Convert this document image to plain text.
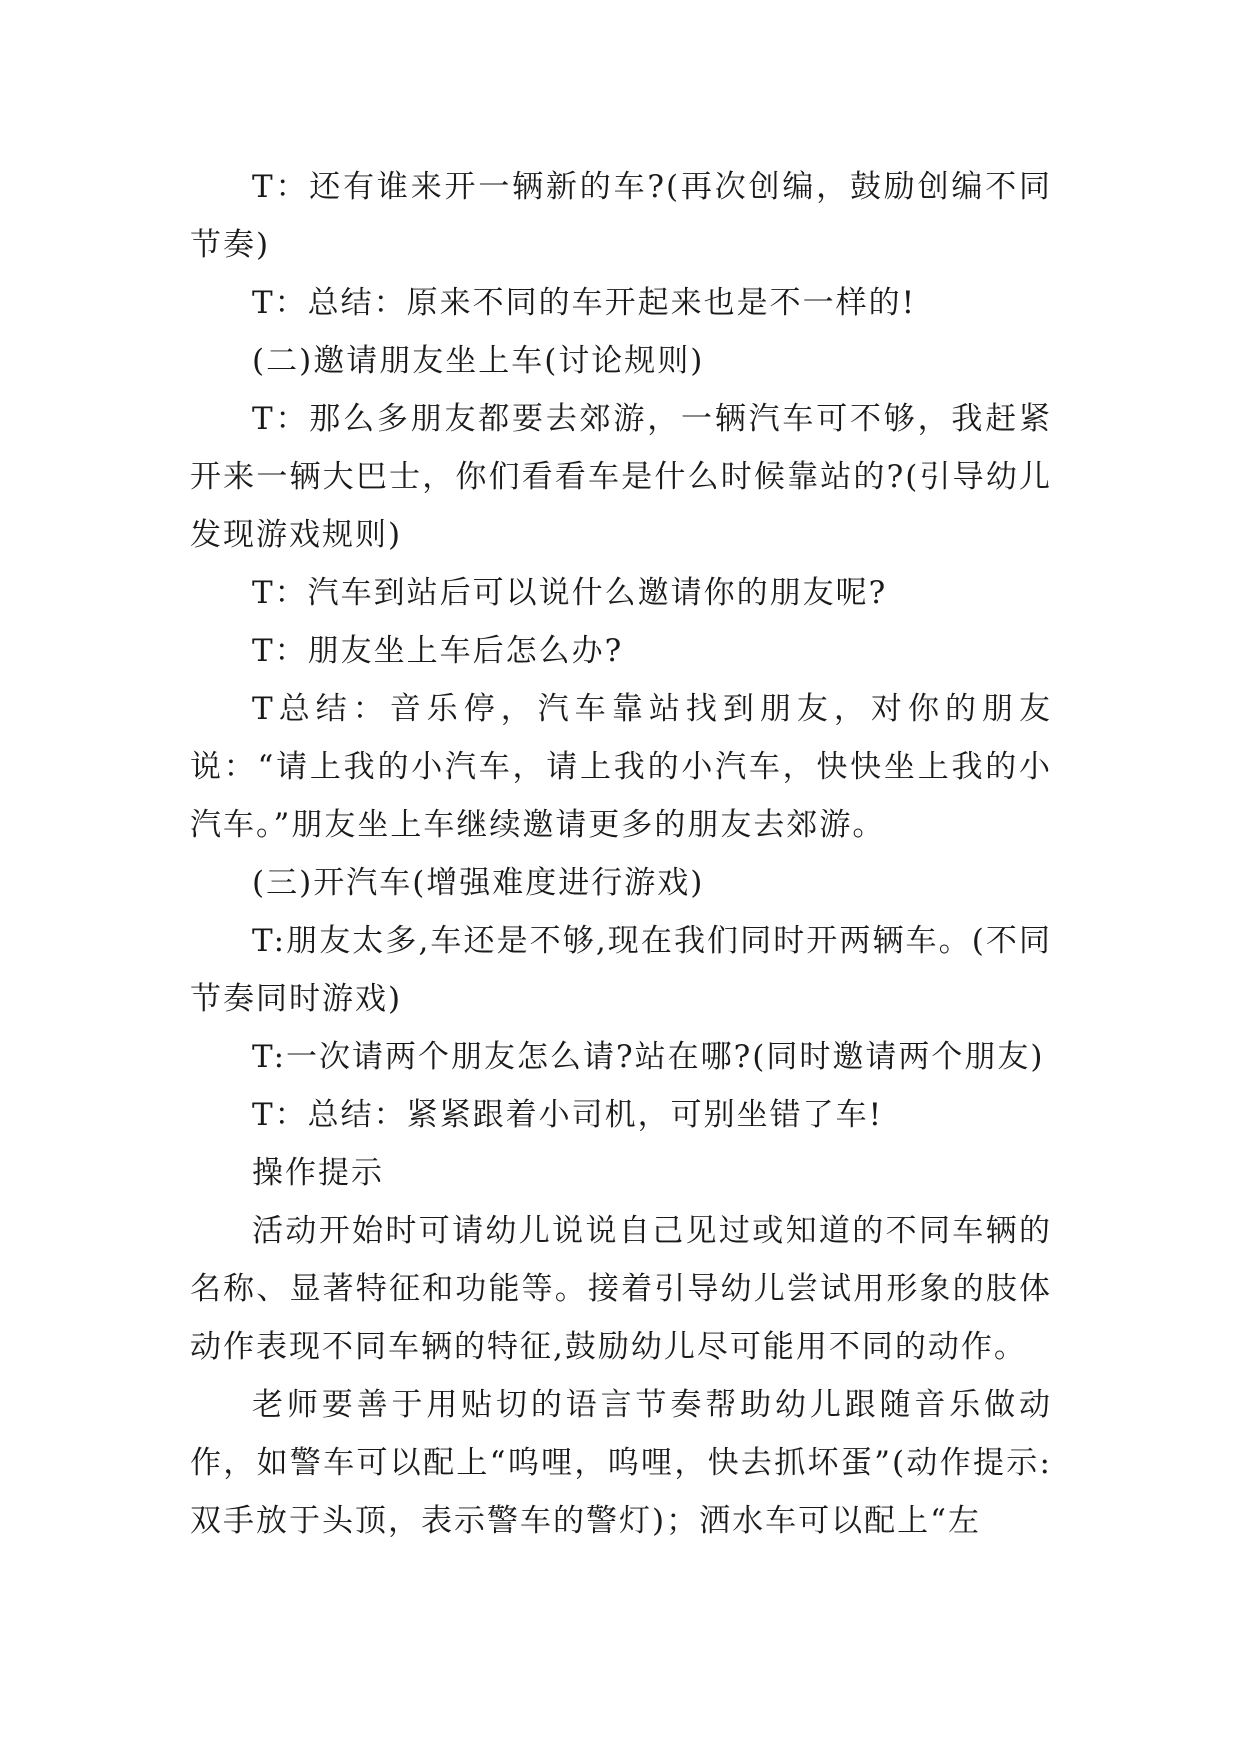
T：还有谁来开一辆新的车?(再次创编，鼓励创编不同节奏)

T：总结：原来不同的车开起来也是不一样的!

(二)邀请朋友坐上车(讨论规则)

T：那么多朋友都要去郊游，一辆汽车可不够，我赶紧开来一辆大巴士，你们看看车是什么时候靠站的?(引导幼儿发现游戏规则)

T：汽车到站后可以说什么邀请你的朋友呢?

T：朋友坐上车后怎么办?

T总结：音乐停，汽车靠站找到朋友，对你的朋友说：“请上我的小汽车，请上我的小汽车，快快坐上我的小汽车。”朋友坐上车继续邀请更多的朋友去郊游。

(三)开汽车(增强难度进行游戏)

T:朋友太多,车还是不够,现在我们同时开两辆车。(不同节奏同时游戏)

T:一次请两个朋友怎么请?站在哪?(同时邀请两个朋友)

T：总结：紧紧跟着小司机，可别坐错了车!

操作提示

活动开始时可请幼儿说说自己见过或知道的不同车辆的名称、显著特征和功能等。接着引导幼儿尝试用形象的肢体动作表现不同车辆的特征,鼓励幼儿尽可能用不同的动作。

老师要善于用贴切的语言节奏帮助幼儿跟随音乐做动作，如警车可以配上“呜哩，呜哩，快去抓坏蛋”(动作提示:双手放于头顶，表示警车的警灯)；洒水车可以配上“左
